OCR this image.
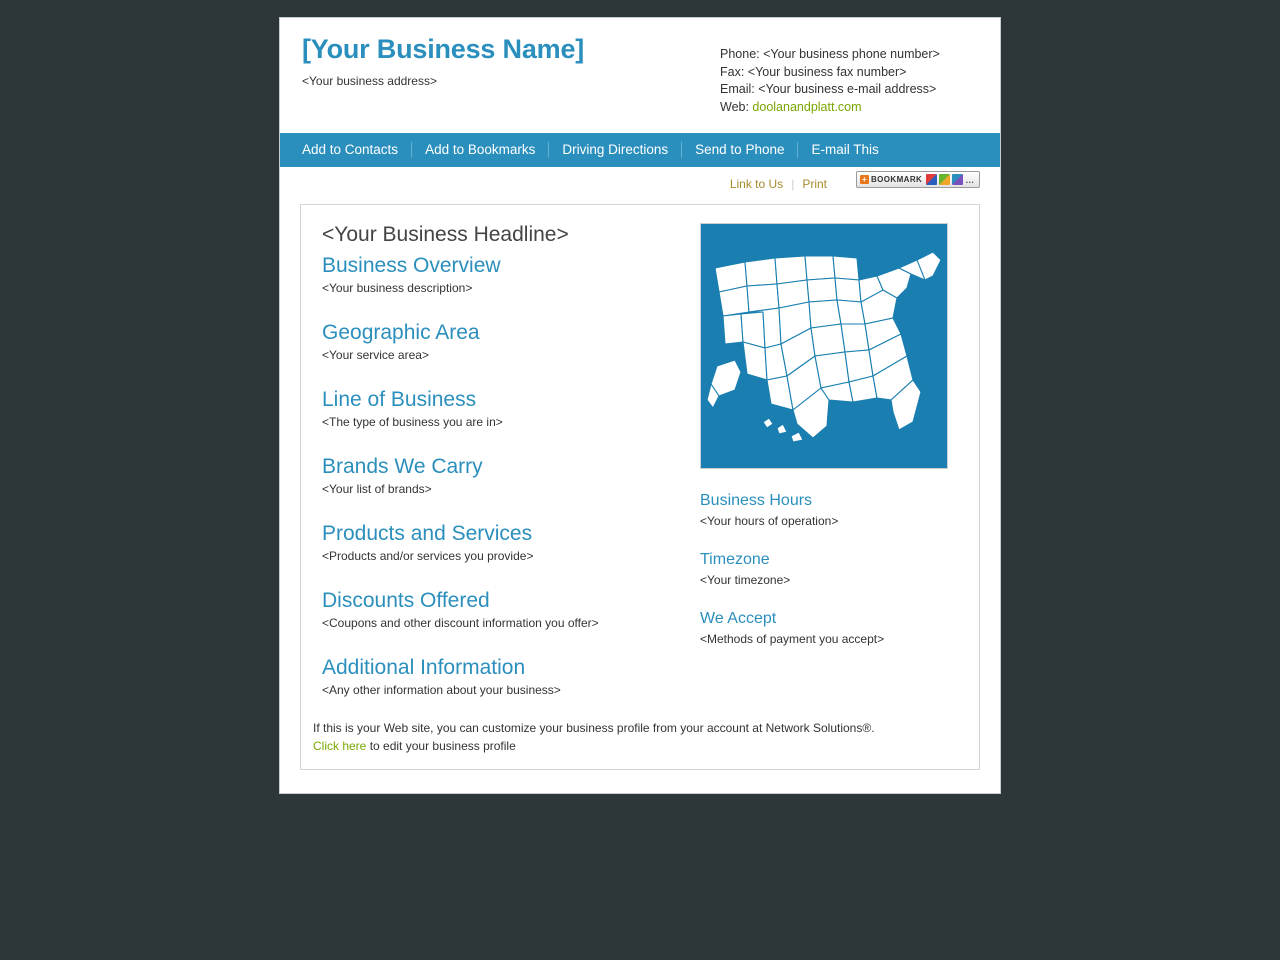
[Your Business Name]
<Your business address>
Phone: <Your business phone number>
Fax: <Your business fax number>
Email: <Your business e-mail address>
Web: doolanandplatt.com
Add to Contacts	Add to Bookmarks	Driving Directions	Send to Phone	E-mail This
Link to Us | Print	+ BOOKMARK	…
<Your Business Headline>
Business Overview

<Your business description>

Geographic Area

<Your service area>

Line of Business

<The type of business you are in>

Brands We Carry

<Your list of brands>

Products and Services

<Products and/or services you provide>

Discounts Offered

<Coupons and other discount information you offer>

Additional Information

<Any other information about your business>

Business Hours

<Your hours of operation>

Timezone

<Your timezone>

We Accept

<Methods of payment you accept>

If this is your Web site, you can customize your business profile from your account at Network Solutions®.
Click here to edit your business profile
